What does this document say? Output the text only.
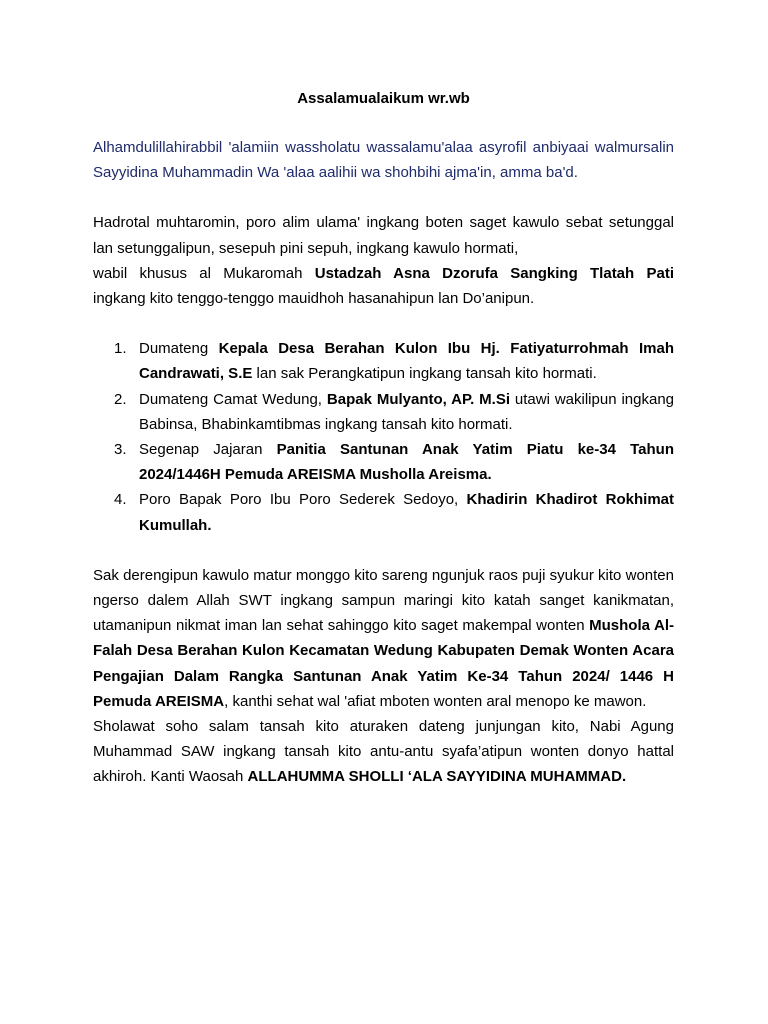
Assalamualaikum wr.wb

Alhamdulillahirabbil 'alamiin wassholatu wassalamu'alaa asyrofil anbiyaai walmursalin Sayyidina Muhammadin Wa 'alaa aalihii wa shohbihi ajma'in, amma ba'd.

Hadrotal muhtaromin, poro alim ulama' ingkang boten saget kawulo sebat setunggal lan setunggalipun, sesepuh pini sepuh, ingkang kawulo hormati,

wabil khusus al Mukaromah Ustadzah Asna Dzorufa Sangking Tlatah Pati

ingkang kito tenggo-tenggo mauidhoh hasanahipun lan Do’anipun.

1. Dumateng Kepala Desa Berahan Kulon Ibu Hj. Fatiyaturrohmah Imah Candrawati, S.E lan sak Perangkatipun ingkang tansah kito hormati.
2. Dumateng Camat Wedung, Bapak Mulyanto, AP. M.Si utawi wakilipun ingkang Babinsa, Bhabinkamtibmas ingkang tansah kito hormati.
3. Segenap Jajaran Panitia Santunan Anak Yatim Piatu ke-34 Tahun 2024/1446H Pemuda AREISMA Musholla Areisma.
4. Poro Bapak Poro Ibu Poro Sederek Sedoyo, Khadirin Khadirot Rokhimat Kumullah.

Sak derengipun kawulo matur monggo kito sareng ngunjuk raos puji syukur kito wonten ngerso dalem Allah SWT ingkang sampun maringi kito katah sanget kanikmatan, utamanipun nikmat iman lan sehat sahinggo kito saget makempal wonten Mushola Al-Falah Desa Berahan Kulon Kecamatan Wedung Kabupaten Demak Wonten Acara Pengajian Dalam Rangka Santunan Anak Yatim Ke-34 Tahun 2024/ 1446 H Pemuda AREISMA, kanthi sehat wal 'afiat mboten wonten aral menopo ke mawon.

Sholawat soho salam tansah kito aturaken dateng junjungan kito, Nabi Agung Muhammad SAW ingkang tansah kito antu-antu syafa’atipun wonten donyo hattal akhiroh. Kanti Waosah ALLAHUMMA SHOLLI ‘ALA SAYYIDINA MUHAMMAD.
